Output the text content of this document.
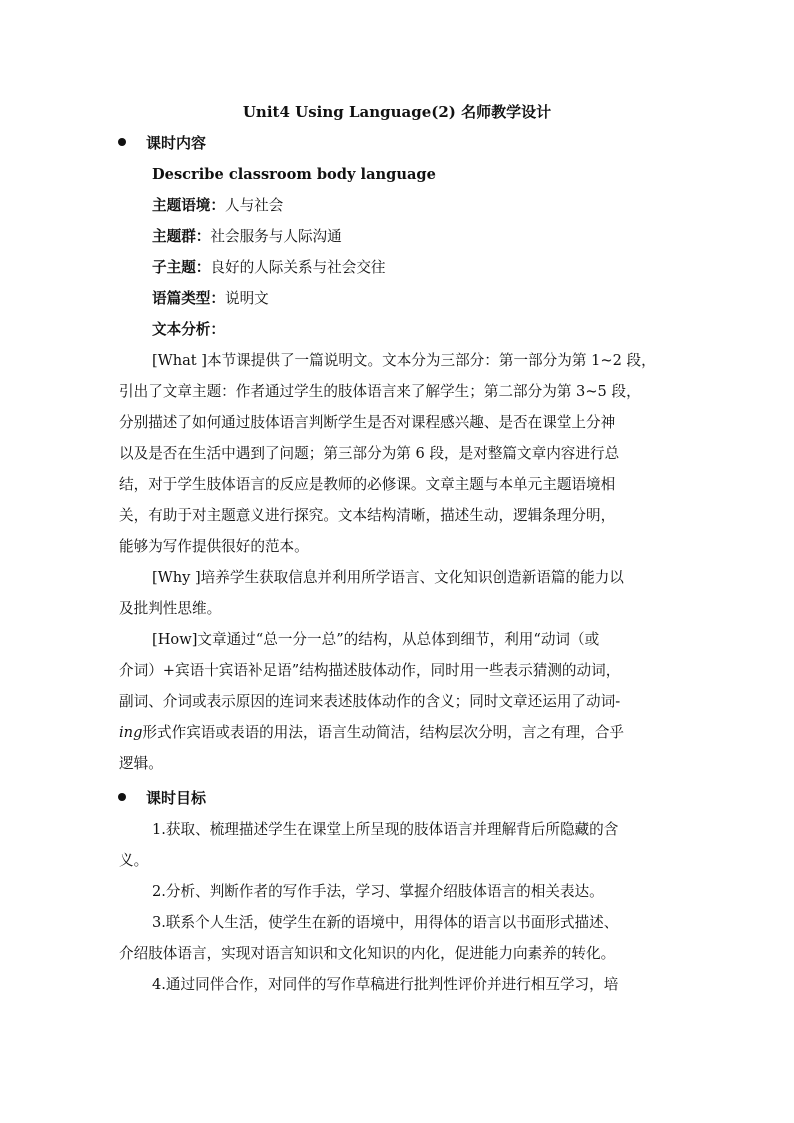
Unit4 Using Language(2) 名师教学设计
课时内容
Describe classroom body language
主题语境：人与社会
主题群：社会服务与人际沟通
子主题：良好的人际关系与社会交往
语篇类型：说明文
文本分析：
[What ]本节课提供了一篇说明文。文本分为三部分：第一部分为第 1~2 段，
引出了文章主题：作者通过学生的肢体语言来了解学生；第二部分为第 3~5 段，
分别描述了如何通过肢体语言判断学生是否对课程感兴趣、是否在课堂上分神
以及是否在生活中遇到了问题；第三部分为第 6 段，是对整篇文章内容进行总
结，对于学生肢体语言的反应是教师的必修课。文章主题与本单元主题语境相
关，有助于对主题意义进行探究。文本结构清晰，描述生动，逻辑条理分明，
能够为写作提供很好的范本。
[Why ]培养学生获取信息并利用所学语言、文化知识创造新语篇的能力以
及批判性思维。
[How]文章通过“总一分一总”的结构，从总体到细节，利用“动词（或
介词）+宾语十宾语补足语”结构描述肢体动作，同时用一些表示猜测的动词，
副词、介词或表示原因的连词来表述肢体动作的含义；同时文章还运用了动词-
ing形式作宾语或表语的用法，语言生动简洁，结构层次分明，言之有理，合乎
逻辑。
课时目标
1.获取、梳理描述学生在课堂上所呈现的肢体语言并理解背后所隐藏的含
义。
2.分析、判断作者的写作手法，学习、掌握介绍肢体语言的相关表达。
3.联系个人生活，使学生在新的语境中，用得体的语言以书面形式描述、
介绍肢体语言，实现对语言知识和文化知识的内化，促进能力向素养的转化。
4.通过同伴合作，对同伴的写作草稿进行批判性评价并进行相互学习，培
